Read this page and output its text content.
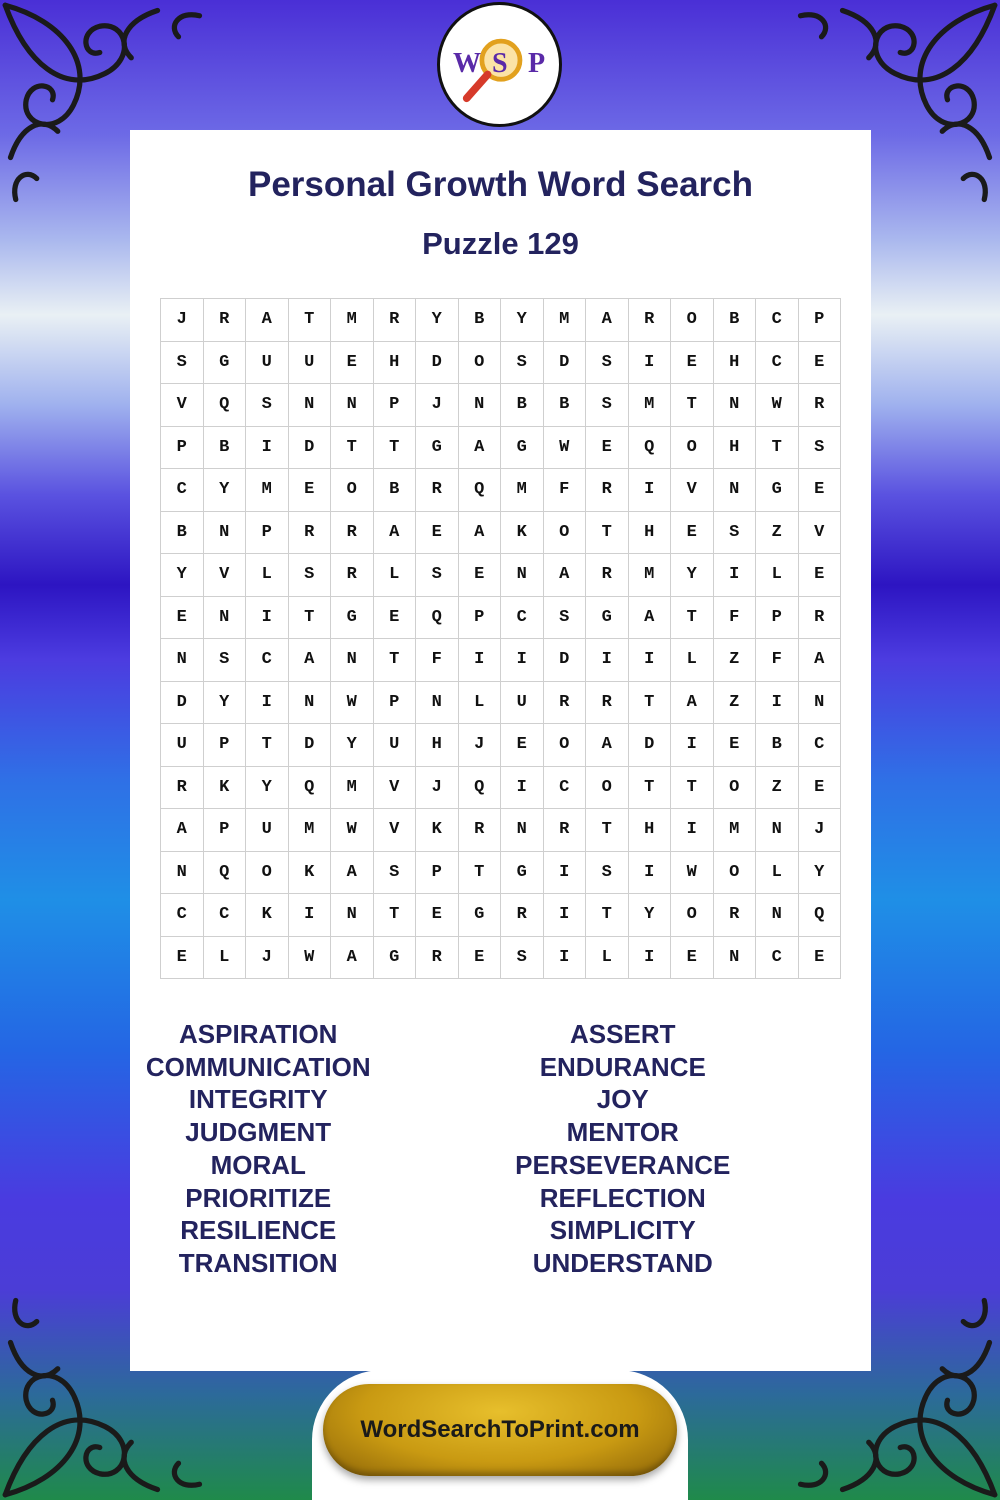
Personal Growth Word Search
Puzzle 129
J	R	A	T	M	R	Y	B	Y	M	A	R	O	B	C	P
S	G	U	U	E	H	D	O	S	D	S	I	E	H	C	E
V	Q	S	N	N	P	J	N	B	B	S	M	T	N	W	R
P	B	I	D	T	T	G	A	G	W	E	Q	O	H	T	S
C	Y	M	E	O	B	R	Q	M	F	R	I	V	N	G	E
B	N	P	R	R	A	E	A	K	O	T	H	E	S	Z	V
Y	V	L	S	R	L	S	E	N	A	R	M	Y	I	L	E
E	N	I	T	G	E	Q	P	C	S	G	A	T	F	P	R
N	S	C	A	N	T	F	I	I	D	I	I	L	Z	F	A
D	Y	I	N	W	P	N	L	U	R	R	T	A	Z	I	N
U	P	T	D	Y	U	H	J	E	O	A	D	I	E	B	C
R	K	Y	Q	M	V	J	Q	I	C	O	T	T	O	Z	E
A	P	U	M	W	V	K	R	N	R	T	H	I	M	N	J
N	Q	O	K	A	S	P	T	G	I	S	I	W	O	L	Y
C	C	K	I	N	T	E	G	R	I	T	Y	O	R	N	Q
E	L	J	W	A	G	R	E	S	I	L	I	E	N	C	E
ASPIRATION
COMMUNICATION
INTEGRITY
JUDGMENT
MORAL
PRIORITIZE
RESILIENCE
TRANSITION
ASSERT
ENDURANCE
JOY
MENTOR
PERSEVERANCE
REFLECTION
SIMPLICITY
UNDERSTAND
W S P
WordSearchToPrint.com
